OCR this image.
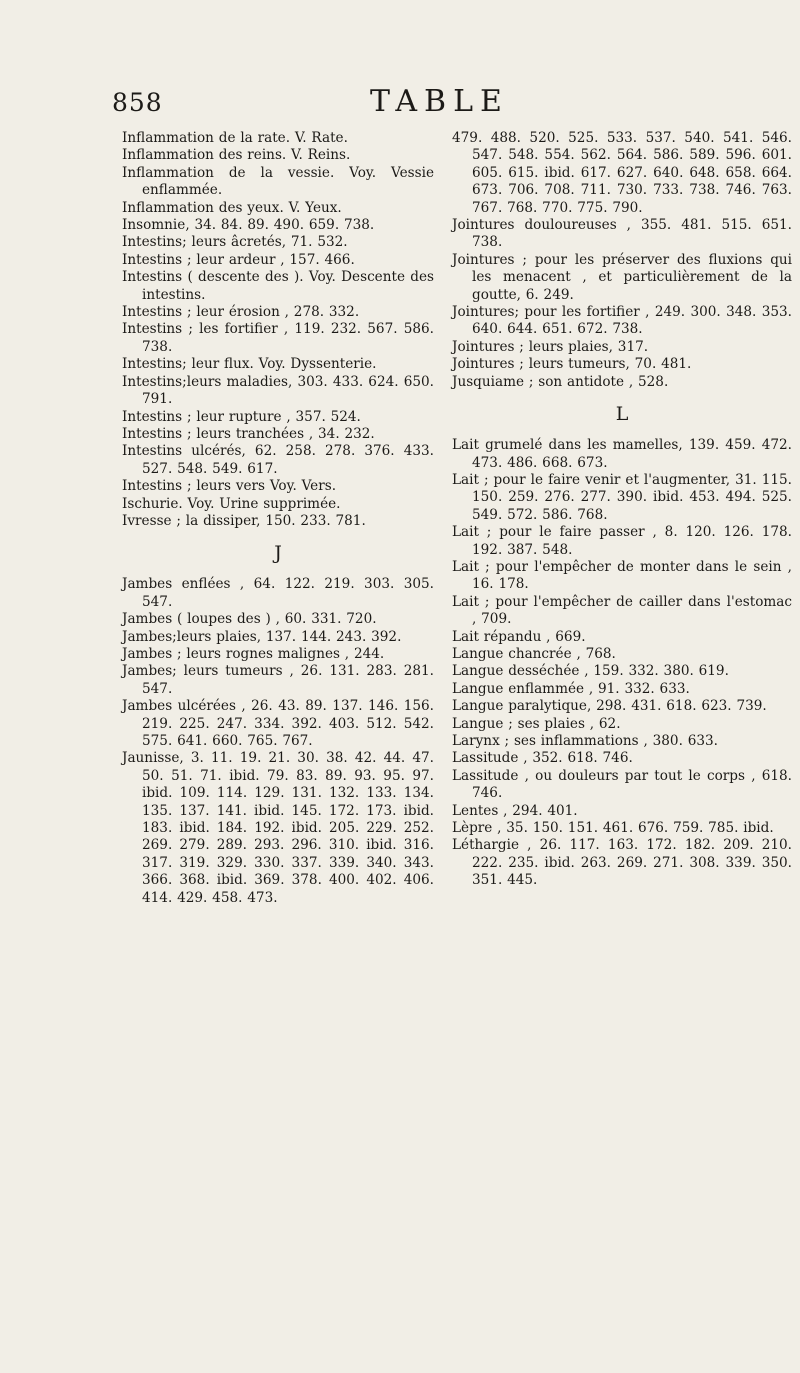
858	TABLE
Inflammation de la rate. V. Rate.
Inflammation des reins. V. Reins.
Inflammation de la vessie. Voy. Vessie enflammée.
Inflammation des yeux. V. Yeux.
Insomnie, 34. 84. 89. 490. 659. 738.
Intestins; leurs âcretés, 71. 532.
Intestins ; leur ardeur , 157. 466.
Intestins ( descente des ). Voy. Descente des intestins.
Intestins ; leur érosion , 278. 332.
Intestins ; les fortifier , 119. 232. 567. 586. 738.
Intestins; leur flux. Voy. Dyssenterie.
Intestins;leurs maladies, 303. 433. 624. 650. 791.
Intestins ; leur rupture , 357. 524.
Intestins ; leurs tranchées , 34. 232.
Intestins ulcérés, 62. 258. 278. 376. 433. 527. 548. 549. 617.
Intestins ; leurs vers Voy. Vers.
Ischurie. Voy. Urine supprimée.
Ivresse ; la dissiper, 150. 233. 781.
J
Jambes enflées , 64. 122. 219. 303. 305. 547.
Jambes ( loupes des ) , 60. 331. 720.
Jambes;leurs plaies, 137. 144. 243. 392.
Jambes ; leurs rognes malignes , 244.
Jambes; leurs tumeurs , 26. 131. 283. 281. 547.
Jambes ulcérées , 26. 43. 89. 137. 146. 156. 219. 225. 247. 334. 392. 403. 512. 542. 575. 641. 660. 765. 767.
Jaunisse, 3. 11. 19. 21. 30. 38. 42. 44. 47. 50. 51. 71. ibid. 79. 83. 89. 93. 95. 97. ibid. 109. 114. 129. 131. 132. 133. 134. 135. 137. 141. ibid. 145. 172. 173. ibid. 183. ibid. 184. 192. ibid. 205. 229. 252. 269. 279. 289. 293. 296. 310. ibid. 316. 317. 319. 329. 330. 337. 339. 340. 343. 366. 368. ibid. 369. 378. 400. 402. 406. 414. 429. 458. 473.
479. 488. 520. 525. 533. 537. 540. 541. 546. 547. 548. 554. 562. 564. 586. 589. 596. 601. 605. 615. ibid. 617. 627. 640. 648. 658. 664. 673. 706. 708. 711. 730. 733. 738. 746. 763. 767. 768. 770. 775. 790.
Jointures douloureuses , 355. 481. 515. 651. 738.
Jointures ; pour les préserver des fluxions qui les menacent , et particulièrement de la goutte, 6. 249.
Jointures; pour les fortifier , 249. 300. 348. 353. 640. 644. 651. 672. 738.
Jointures ; leurs plaies, 317.
Jointures ; leurs tumeurs, 70. 481.
Jusquiame ; son antidote , 528.
L
Lait grumelé dans les mamelles, 139. 459. 472. 473. 486. 668. 673.
Lait ; pour le faire venir et l'augmenter, 31. 115. 150. 259. 276. 277. 390. ibid. 453. 494. 525. 549. 572. 586. 768.
Lait ; pour le faire passer , 8. 120. 126. 178. 192. 387. 548.
Lait ; pour l'empêcher de monter dans le sein , 16. 178.
Lait ; pour l'empêcher de cailler dans l'estomac , 709.
Lait répandu , 669.
Langue chancrée , 768.
Langue desséchée , 159. 332. 380. 619.
Langue enflammée , 91. 332. 633.
Langue paralytique, 298. 431. 618. 623. 739.
Langue ; ses plaies , 62.
Larynx ; ses inflammations , 380. 633.
Lassitude , 352. 618. 746.
Lassitude , ou douleurs par tout le corps , 618. 746.
Lentes , 294. 401.
Lèpre , 35. 150. 151. 461. 676. 759. 785. ibid.
Léthargie , 26. 117. 163. 172. 182. 209. 210. 222. 235. ibid. 263. 269. 271. 308. 339. 350. 351. 445.
